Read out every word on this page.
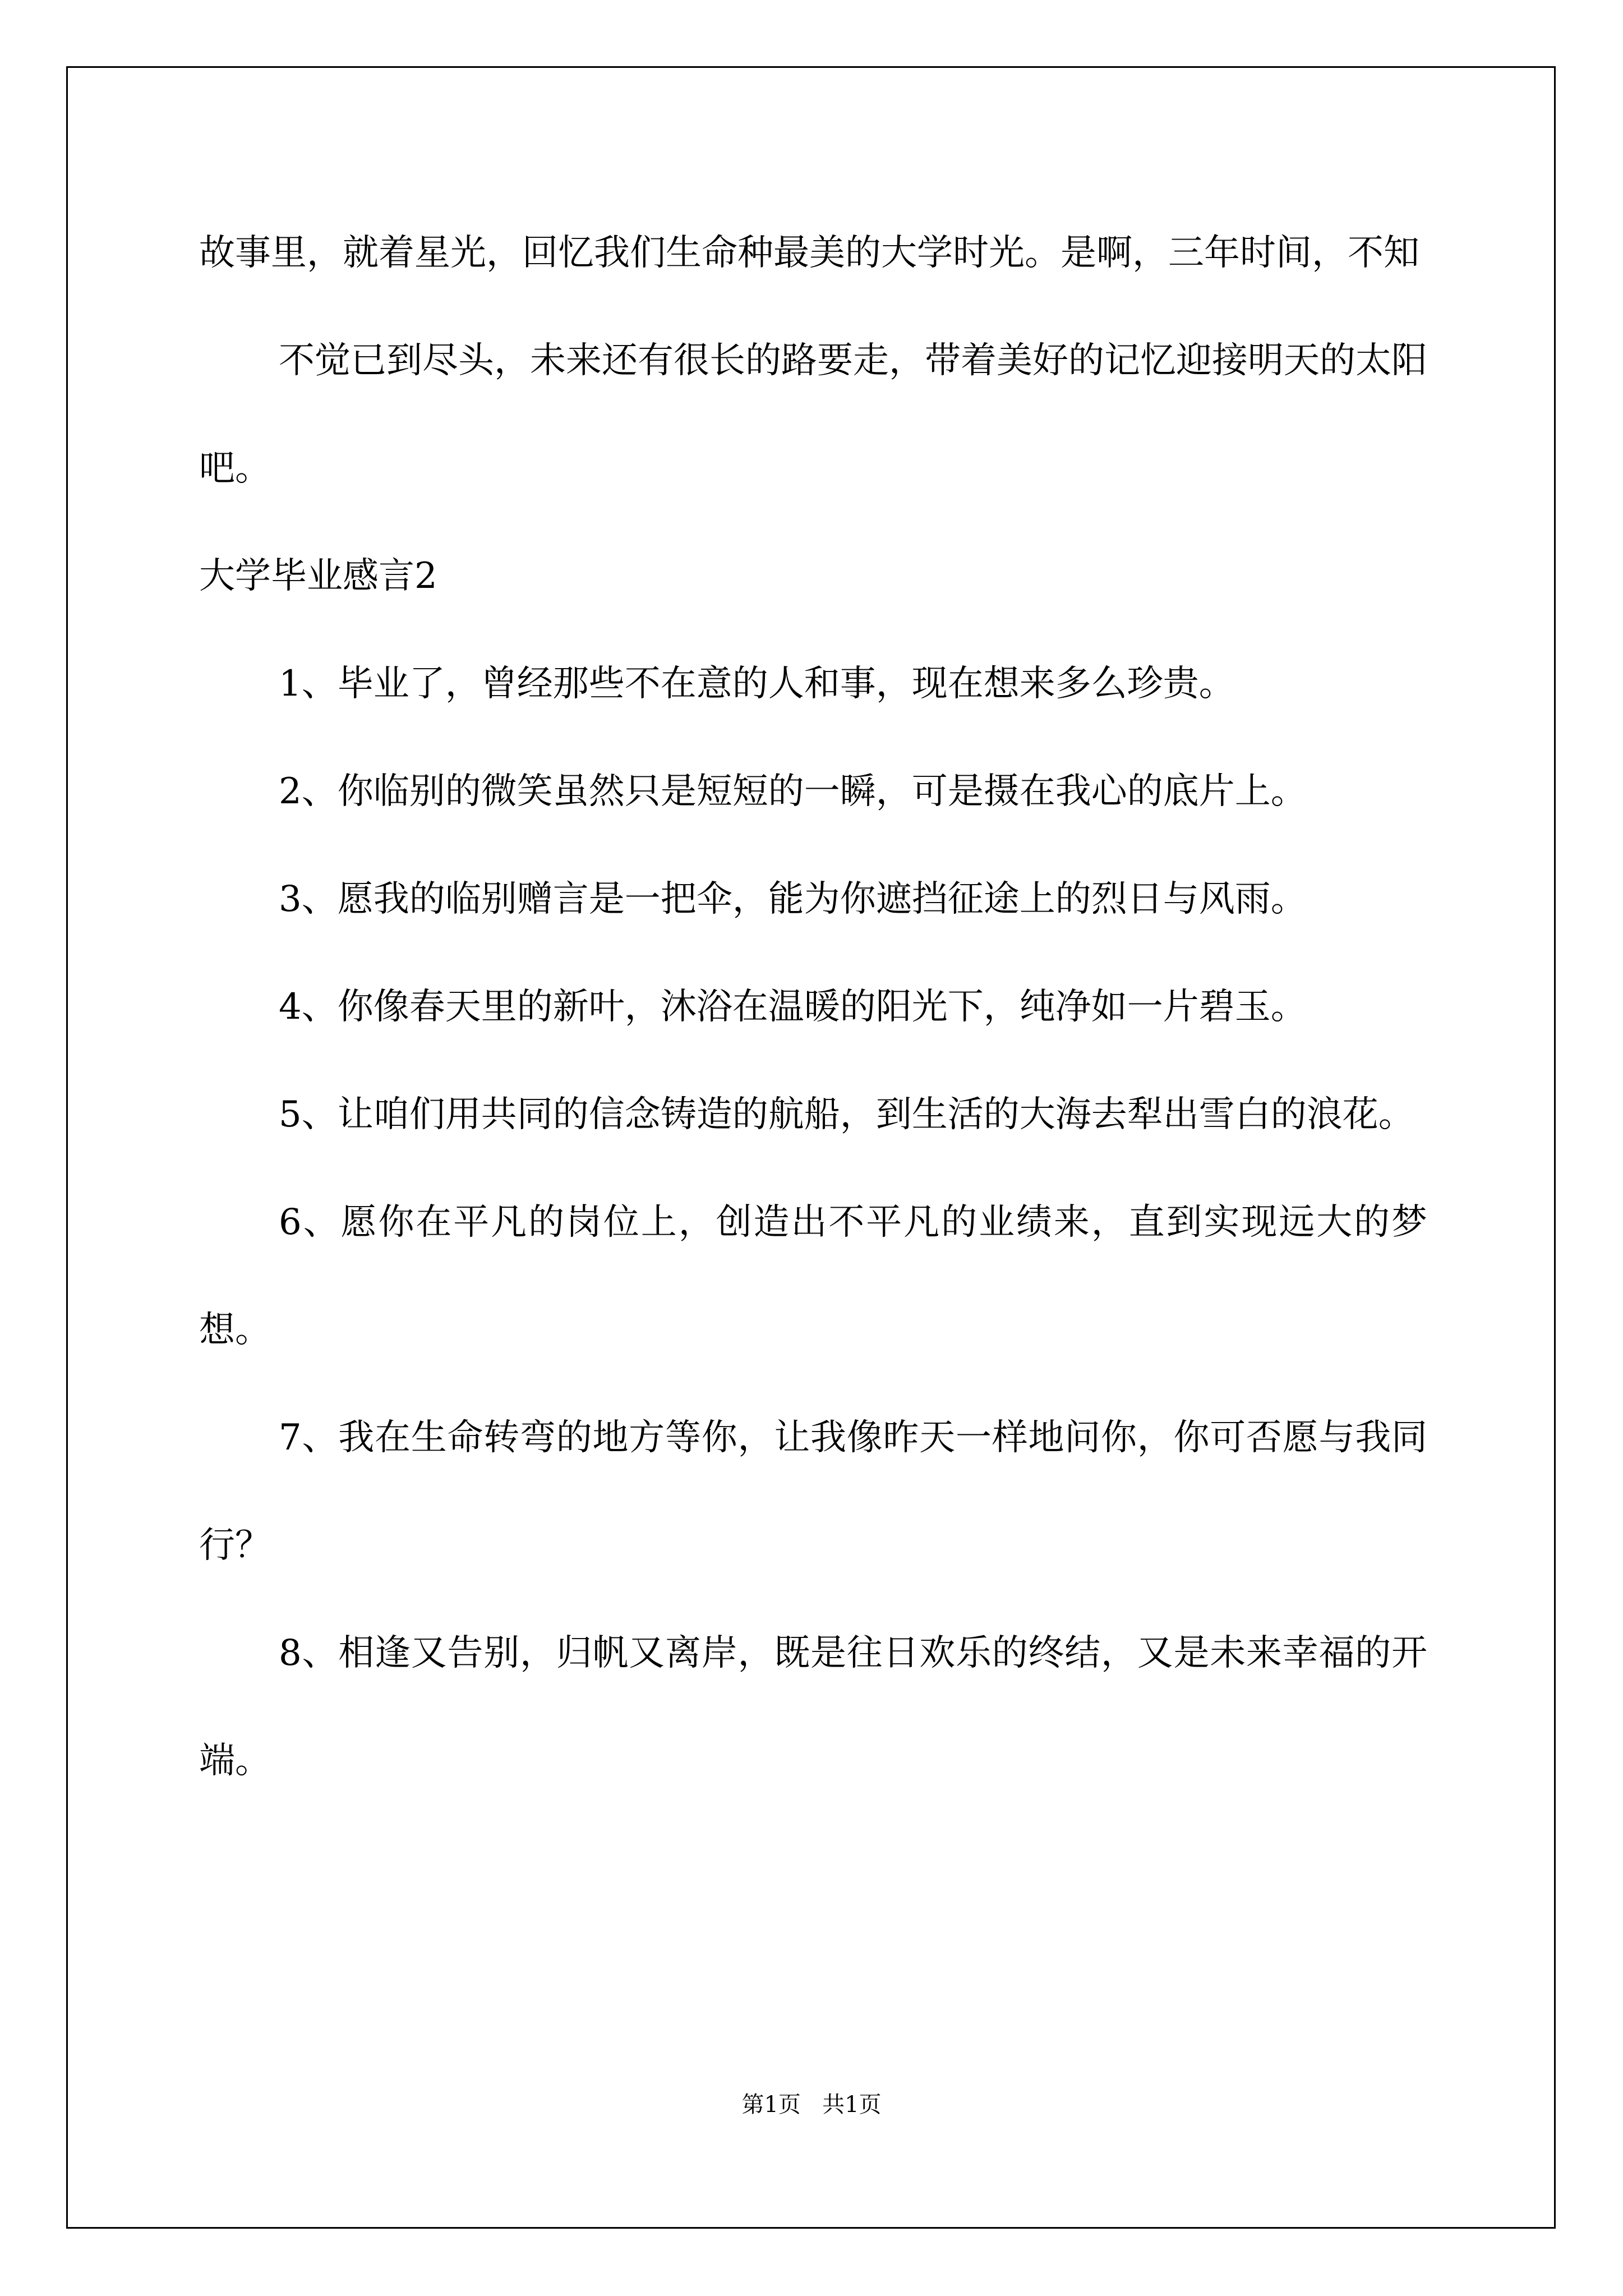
故事里，就着星光，回忆我们生命种最美的大学时光。是啊，三年时间，不知

不觉已到尽头，未来还有很长的路要走，带着美好的记忆迎接明天的太阳吧。

大学毕业感言2

1、毕业了，曾经那些不在意的人和事，现在想来多么珍贵。

2、你临别的微笑虽然只是短短的一瞬，可是摄在我心的底片上。

3、愿我的临别赠言是一把伞，能为你遮挡征途上的烈日与风雨。

4、你像春天里的新叶，沐浴在温暖的阳光下，纯净如一片碧玉。

5、让咱们用共同的信念铸造的航船，到生活的大海去犁出雪白的浪花。

6、愿你在平凡的岗位上，创造出不平凡的业绩来，直到实现远大的梦想。

7、我在生命转弯的地方等你，让我像昨天一样地问你，你可否愿与我同行？

8、相逢又告别，归帆又离岸，既是往日欢乐的终结，又是未来幸福的开端。

第1页 共1页
